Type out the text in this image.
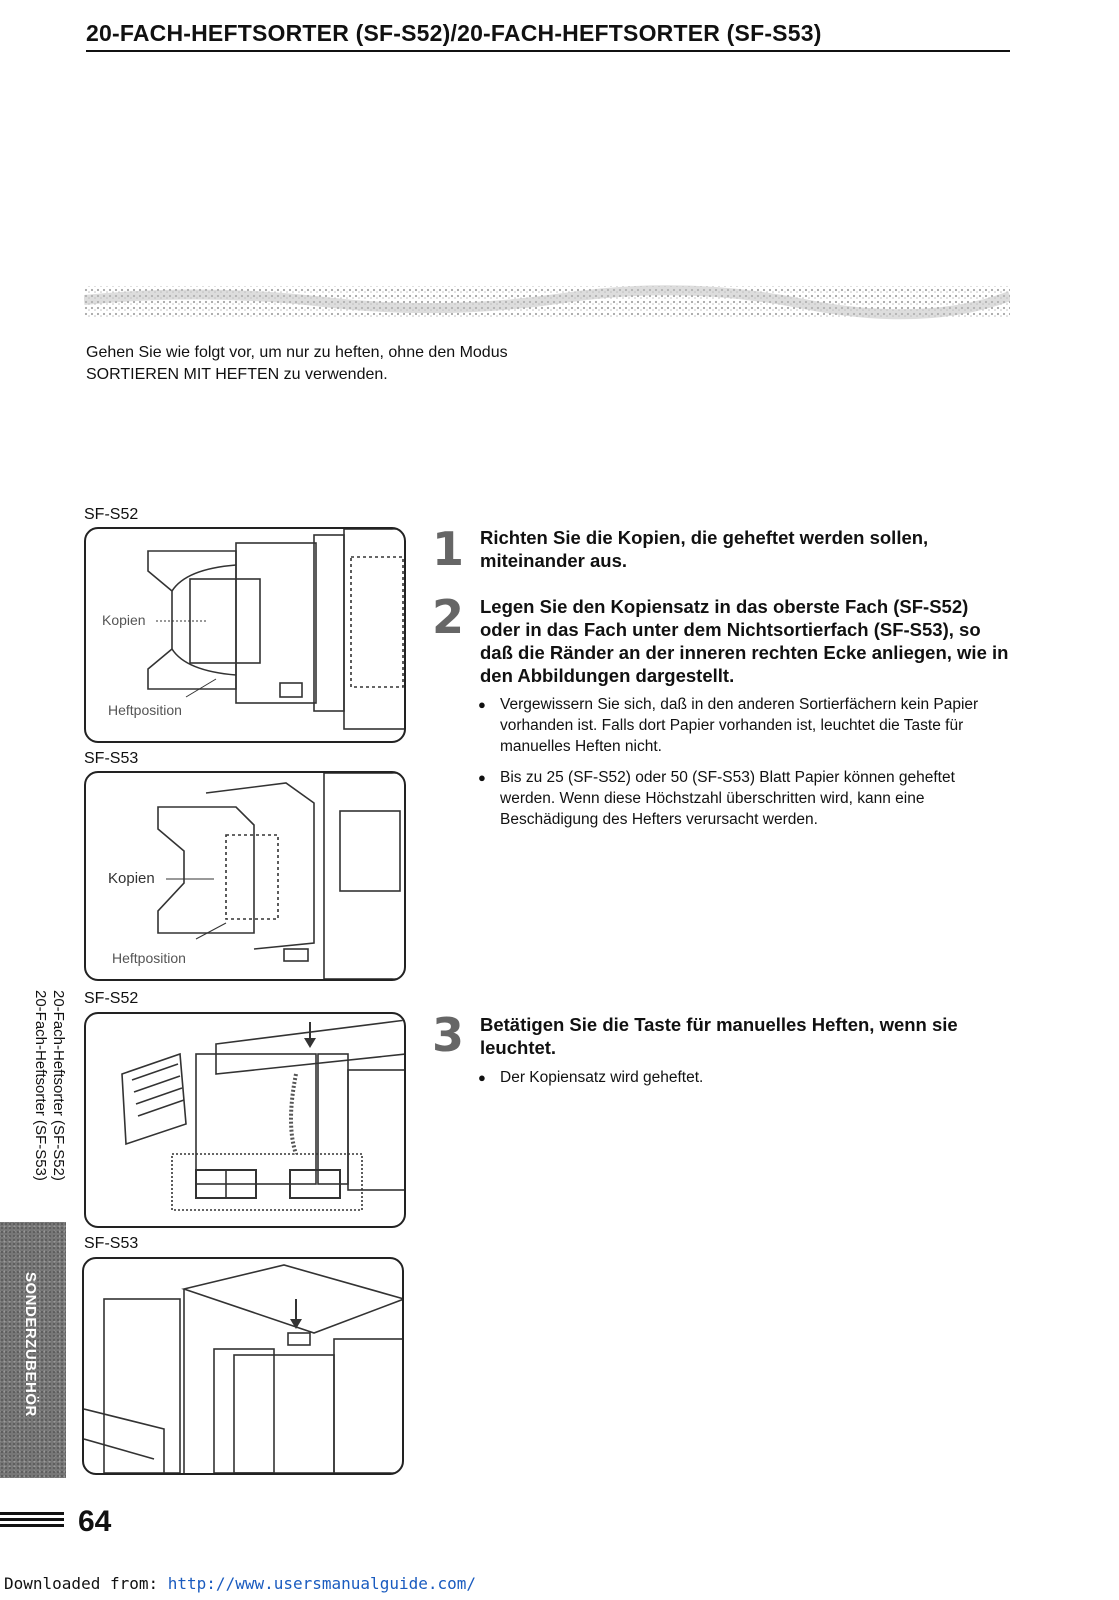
20-FACH-HEFTSORTER (SF-S52)/20-FACH-HEFTSORTER (SF-S53)
Gehen Sie wie folgt vor, um nur zu heften, ohne den Modus
SORTIEREN MIT HEFTEN zu verwenden.
SF-S52
Kopien
Heftposition
SF-S53
Kopien
Heftposition
SF-S52
SF-S53
1 Richten Sie die Kopien, die geheftet werden sollen, miteinander aus.
2 Legen Sie den Kopiensatz in das oberste Fach (SF-S52) oder in das Fach unter dem Nichtsortierfach (SF-S53), so daß die Ränder an der inneren rechten Ecke anliegen, wie in den Abbildungen dargestellt.
● Vergewissern Sie sich, daß in den anderen Sortierfächern kein Papier vorhanden ist. Falls dort Papier vorhanden ist, leuchtet die Taste für manuelles Heften nicht.
● Bis zu 25 (SF-S52) oder 50 (SF-S53) Blatt Papier können geheftet werden. Wenn diese Höchstzahl überschritten wird, kann eine Beschädigung des Hefters verursacht werden.
3 Betätigen Sie die Taste für manuelles Heften, wenn sie leuchtet.
● Der Kopiensatz wird geheftet.
20-Fach-Heftsorter (SF-S52)
20-Fach-Heftsorter (SF-S53)
SONDERZUBEHÖR
64
Downloaded from: http://www.usersmanualguide.com/
